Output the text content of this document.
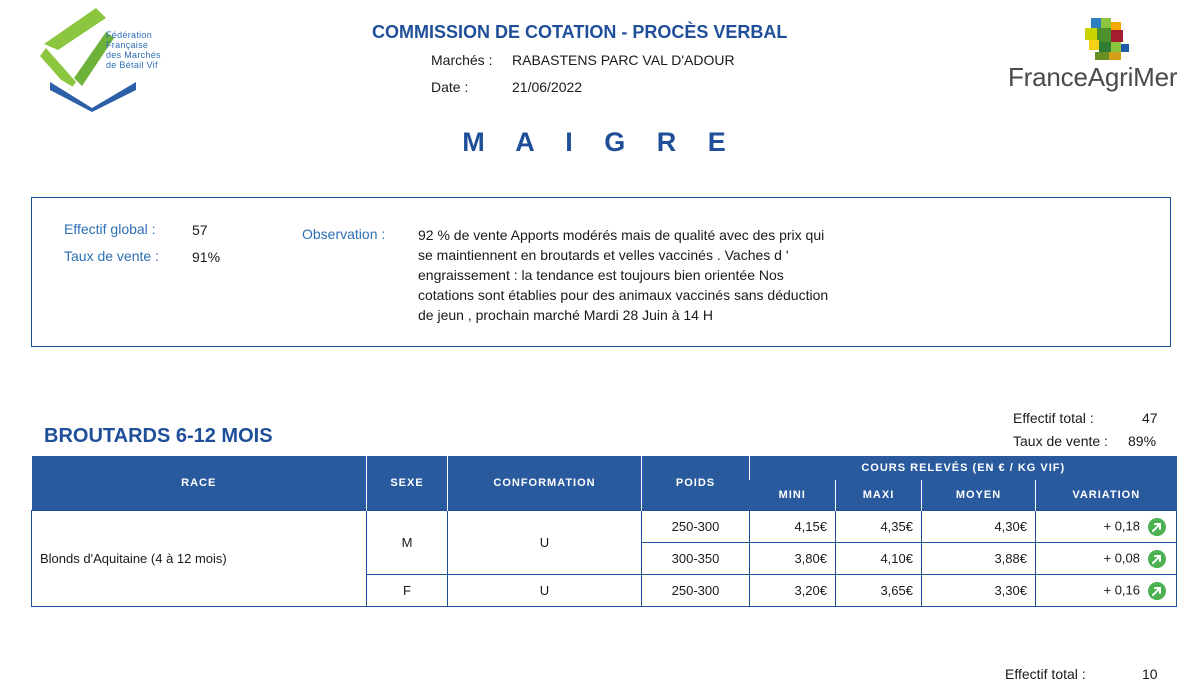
Fédération
Française
des Marchés
de Bétail Vif
COMMISSION DE COTATION - PROCÈS VERBAL
Marchés : RABASTENS PARC VAL D'ADOUR
Date :	21/06/2022	FranceAgriMer
M A I G R E
Effectif global :	57
Taux de vente : 91%
Observation : 92 % de vente Apports modérés mais de qualité avec des prix qui
se maintiennent en broutards et velles vaccinés . Vaches d '
engraissement : la tendance est toujours bien orientée Nos
cotations sont établies pour des animaux vaccinés sans déduction
de jeun , prochain marché Mardi 28 Juin à 14 H
BROUTARDS 6-12 MOIS
Effectif total :	47
Taux de vente : 89%
RACE	SEXE	CONFORMATION	POIDS	COURS RELEVÉS (EN € / KG VIF)			
				MINI	MAXI	MOYEN	VARIATION
Blonds d'Aquitaine (4 à 12 mois)	M	U	250-300	4,15€	4,35€	4,30€	+ 0,18

			300-350	3,80€	4,10€	3,88€	+ 0,08

	F	U	250-300	3,20€	3,65€	3,30€	+ 0,16
Effectif total :	10
